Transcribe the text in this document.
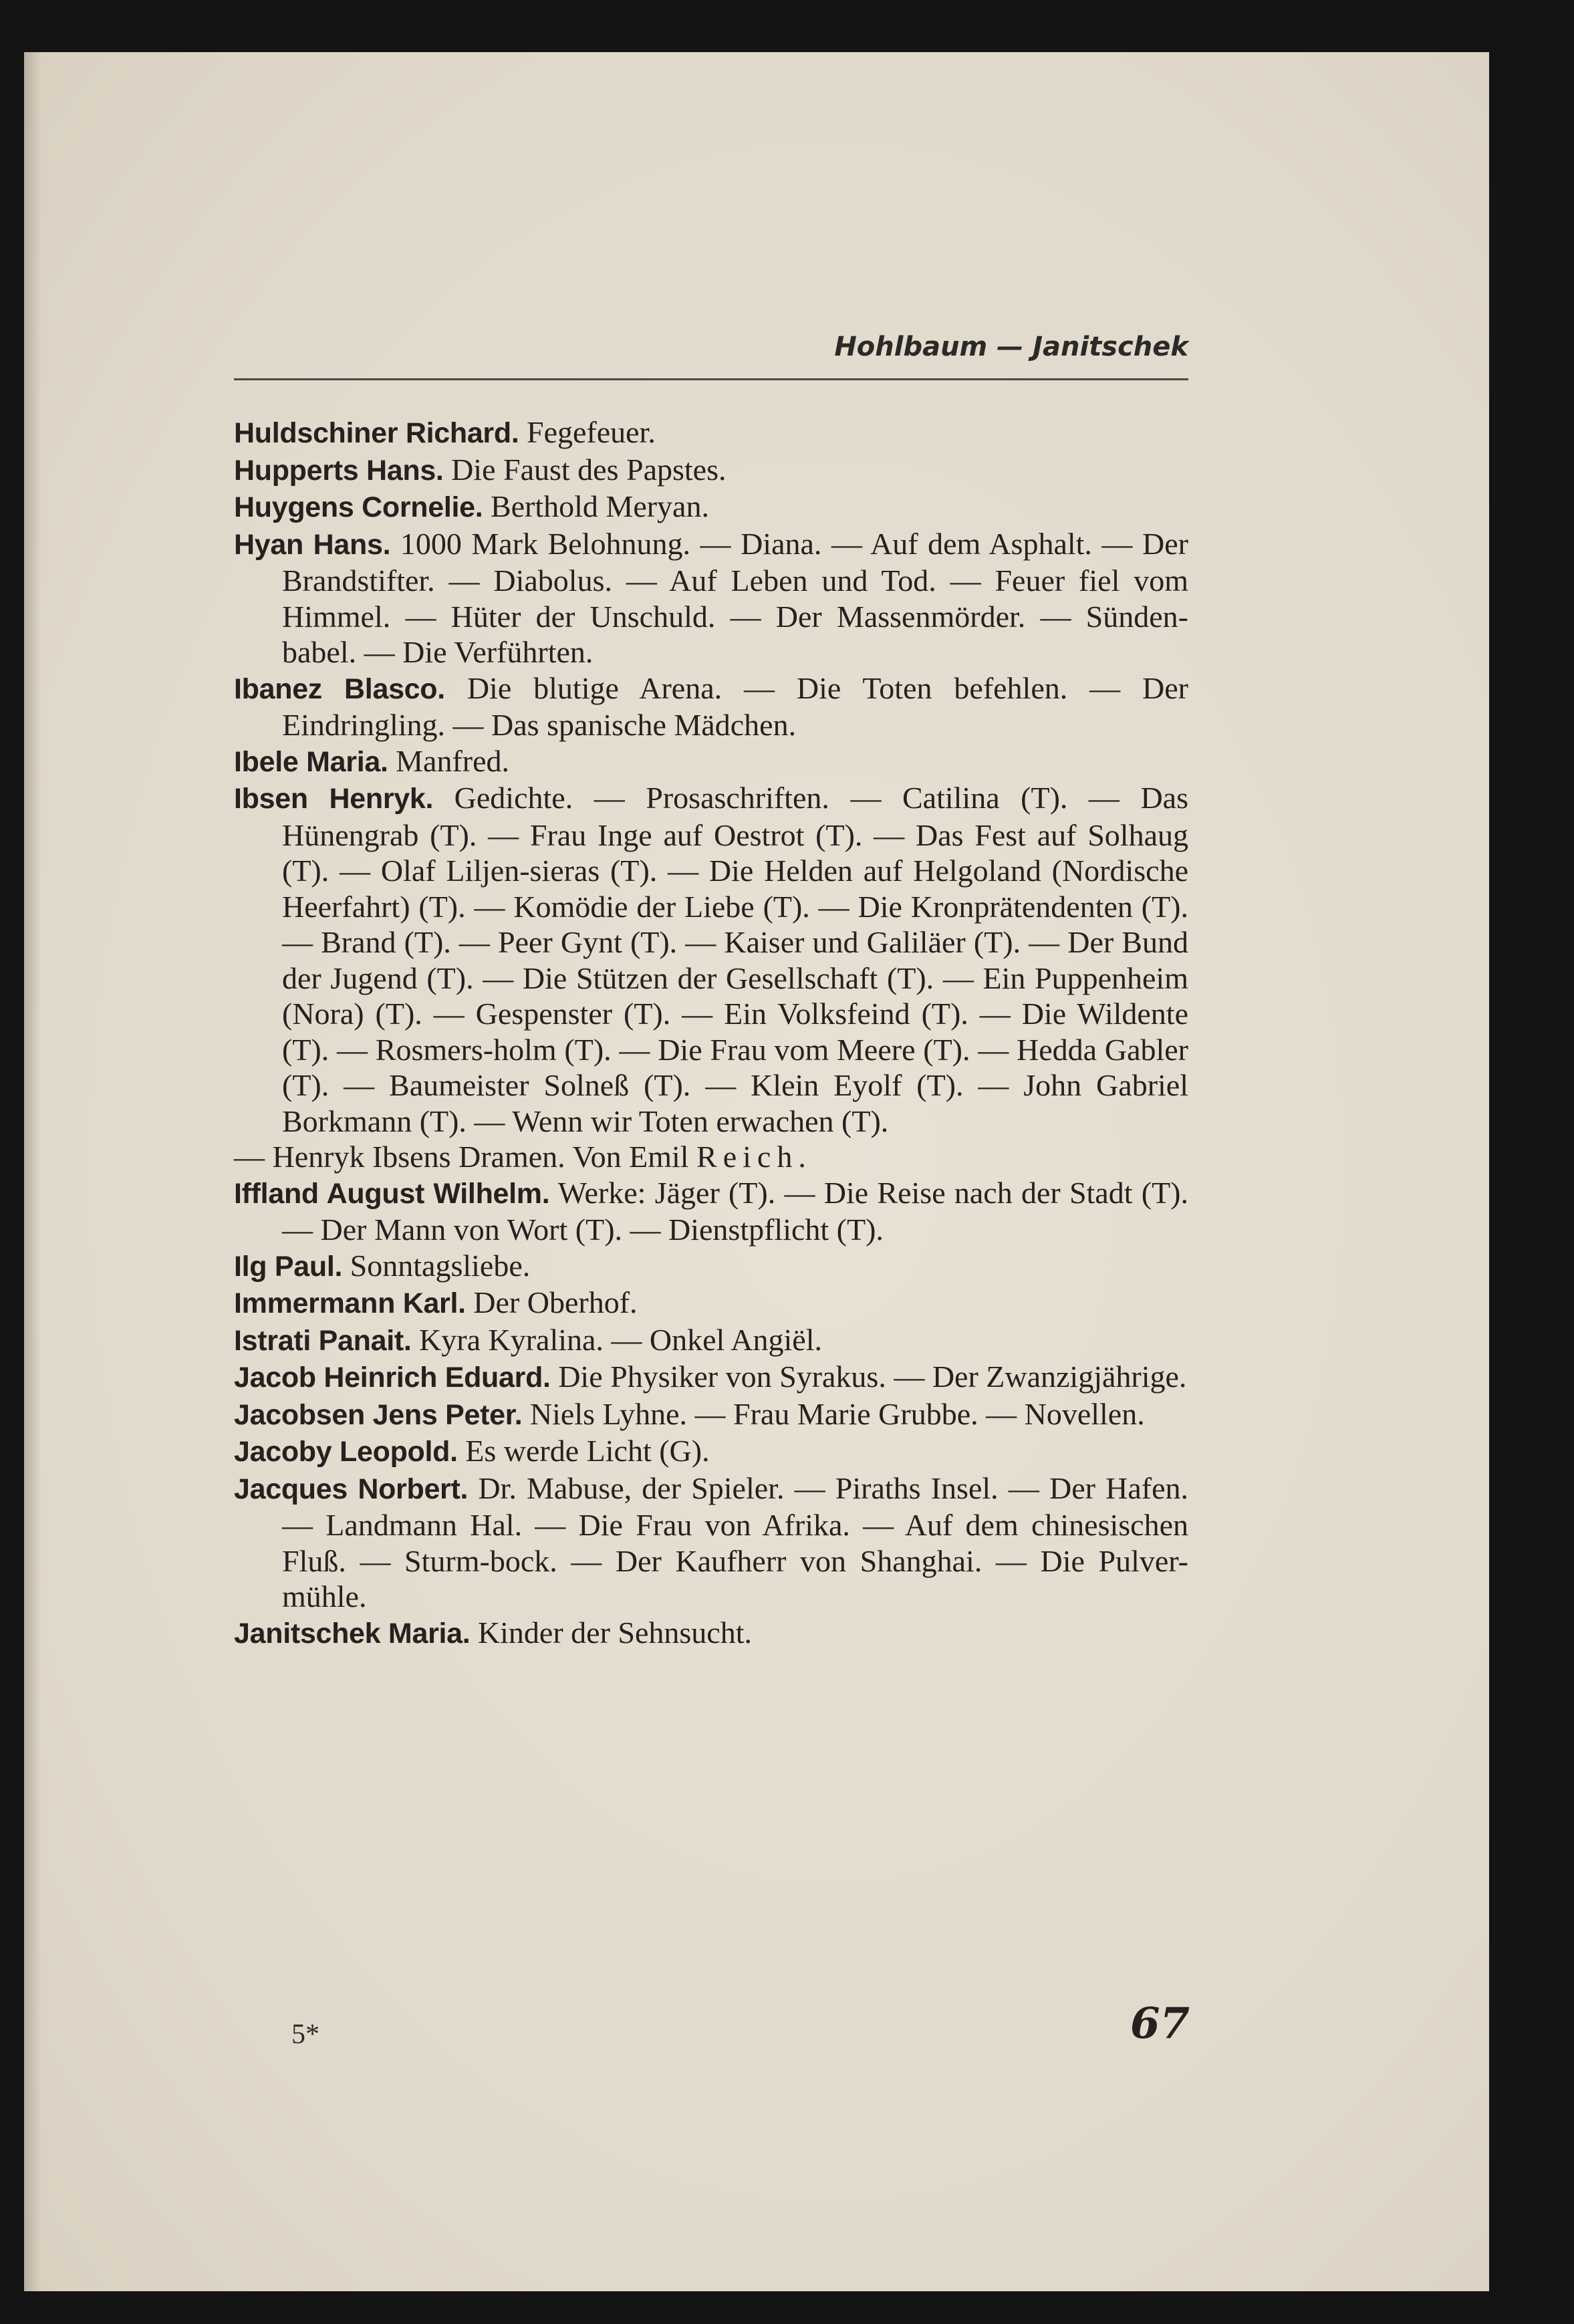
Hohlbaum — Janitschek

Huldschiner Richard. Fegefeuer.

Hupperts Hans. Die Faust des Papstes.

Huygens Cornelie. Berthold Meryan.

Hyan Hans. 1000 Mark Belohnung. — Diana. — Auf dem Asphalt. — Der Brandstifter. — Diabolus. — Auf Leben und Tod. — Feuer fiel vom Himmel. — Hüter der Unschuld. — Der Massenmörder. — Sünden-babel. — Die Verführten.

Ibanez Blasco. Die blutige Arena. — Die Toten befehlen. — Der Eindringling. — Das spanische Mädchen.

Ibele Maria. Manfred.

Ibsen Henryk. Gedichte. — Prosaschriften. — Catilina (T). — Das Hünengrab (T). — Frau Inge auf Oestrot (T). — Das Fest auf Solhaug (T). — Olaf Liljen-sieras (T). — Die Helden auf Helgoland (Nordische Heerfahrt) (T). — Komödie der Liebe (T). — Die Kronprätendenten (T). — Brand (T). — Peer Gynt (T). — Kaiser und Galiläer (T). — Der Bund der Jugend (T). — Die Stützen der Gesellschaft (T). — Ein Puppenheim (Nora) (T). — Gespenster (T). — Ein Volksfeind (T). — Die Wildente (T). — Rosmers-holm (T). — Die Frau vom Meere (T). — Hedda Gabler (T). — Baumeister Solneß (T). — Klein Eyolf (T). — John Gabriel Borkmann (T). — Wenn wir Toten erwachen (T).

— Henryk Ibsens Dramen. Von Emil Reich.

Iffland August Wilhelm. Werke: Jäger (T). — Die Reise nach der Stadt (T). — Der Mann von Wort (T). — Dienstpflicht (T).

Ilg Paul. Sonntagsliebe.

Immermann Karl. Der Oberhof.

Istrati Panait. Kyra Kyralina. — Onkel Angiël.

Jacob Heinrich Eduard. Die Physiker von Syrakus. — Der Zwanzigjährige.

Jacobsen Jens Peter. Niels Lyhne. — Frau Marie Grubbe. — Novellen.

Jacoby Leopold. Es werde Licht (G).

Jacques Norbert. Dr. Mabuse, der Spieler. — Piraths Insel. — Der Hafen. — Landmann Hal. — Die Frau von Afrika. — Auf dem chinesischen Fluß. — Sturm-bock. — Der Kaufherr von Shanghai. — Die Pulver-mühle.

Janitschek Maria. Kinder der Sehnsucht.

5*	67
